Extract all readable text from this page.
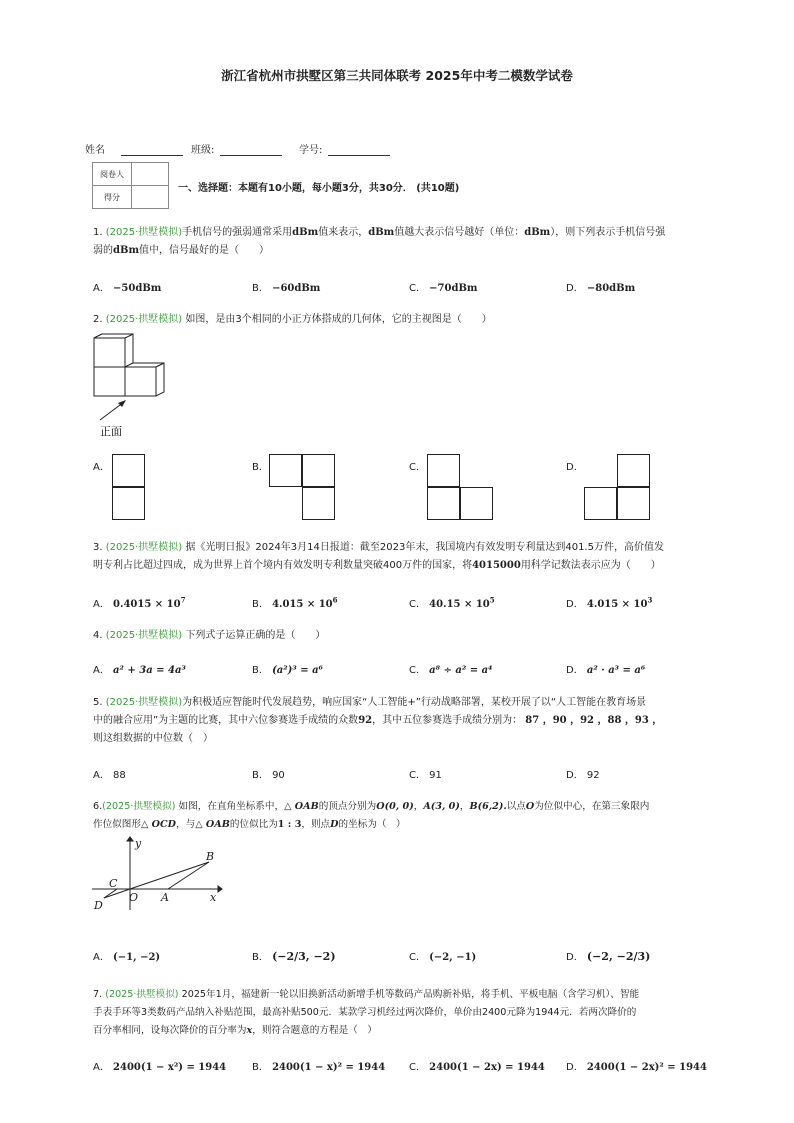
浙江省杭州市拱墅区第三共同体联考 2025年中考二模数学试卷
姓名	班级:	学号:
阅卷人	
得分	
一、选择题：本题有10小题，每小题3分，共30分． (共10题)
1. (2025·拱墅模拟)手机信号的强弱通常采用dBm值来表示，dBm值越大表示信号越好（单位：dBm），则下列表示手机信号强
弱的dBm值中，信号最好的是（　　）
A． −50dBm	B． −60dBm	C． −70dBm	D． −80dBm
2. (2025·拱墅模拟) 如图，是由3个相同的小正方体搭成的几何体，它的主视图是（　　）
正面
A．	B．	C．	D．
3. (2025·拱墅模拟) 据《光明日报》2024年3月14日报道：截至2023年末，我国境内有效发明专利量达到401.5万件，高价值发
明专利占比超过四成，成为世界上首个境内有效发明专利数量突破400万件的国家，将4015000用科学记数法表示应为（　　）
A． $0.4015 \times 10^7$	B． $4.015 \times 10^6$	C． $40.15 \times 10^5$	D． $4.015 \times 10^3$
4. (2025·拱墅模拟) 下列式子运算正确的是（　　）
A． a² + 3a = 4a³	B． (a²)³ = a⁶	C． a⁸ ÷ a² = a⁴	D． a² · a³ = a⁶
5. (2025·拱墅模拟)为积极适应智能时代发展趋势，响应国家“人工智能+”行动战略部署，某校开展了以“人工智能在教育场景
中的融合应用”为主题的比赛，其中六位参赛选手成绩的众数92，其中五位参赛选手成绩分别为： 87 ，90 ，92 ，88 ，93 ，
则这组数据的中位数（　）
A． 88	B． 90	C． 91	D． 92
6.(2025·拱墅模拟) 如图，在直角坐标系中，△ OAB的顶点分别为O(0, 0)，A(3, 0)，B(6,2).以点O为位似中心，在第三象限内
作位似图形△ OCD，与△ OAB的位似比为1 : 3，则点D的坐标为（　）
y
x
B
C
D
O A
A． (−1, −2)	B． (−2/3, −2)	C． (−2, −1)	D． (−2, −2/3)
7. (2025·拱墅模拟) 2025年1月，福建新一轮以旧换新活动新增手机等数码产品购新补贴，将手机、平板电脑（含学习机）、智能
手表手环等3类数码产品纳入补贴范围，最高补贴500元．某款学习机经过两次降价，单价由2400元降为1944元．若两次降价的
百分率相同，设每次降价的百分率为x，则符合题意的方程是（　）
A． 2400(1 − x²) = 1944	B． 2400(1 − x)² = 1944 C． 2400(1 − 2x) = 1944 D． 2400(1 − 2x)² = 1944
